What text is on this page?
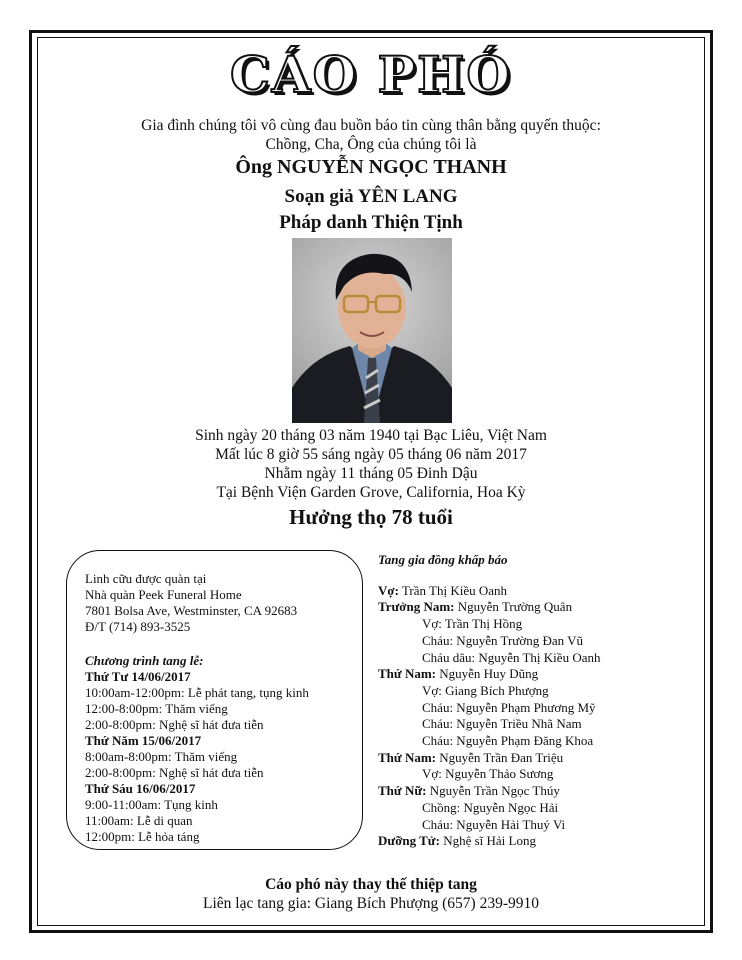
CÁO PHÓ
Gia đình chúng tôi vô cùng đau buồn báo tin cùng thân bằng quyến thuộc:
Chồng, Cha, Ông của chúng tôi là
Ông NGUYỄN NGỌC THANH
Soạn giả YÊN LANG
Pháp danh Thiện Tịnh
Sinh ngày 20 tháng 03 năm 1940 tại Bạc Liêu, Việt Nam
Mất lúc 8 giờ 55 sáng ngày 05 tháng 06 năm 2017
Nhằm ngày 11 tháng 05 Đinh Dậu
Tại Bệnh Viện Garden Grove, California, Hoa Kỳ
Hưởng thọ 78 tuổi
Linh cữu được quàn tại
Nhà quàn Peek Funeral Home
7801 Bolsa Ave, Westminster, CA 92683
Đ/T (714) 893-3525
Chương trình tang lễ:
Thứ Tư 14/06/2017
10:00am-12:00pm: Lễ phát tang, tụng kinh
12:00-8:00pm: Thăm viếng
2:00-8:00pm: Nghệ sĩ hát đưa tiễn
Thứ Năm 15/06/2017
8:00am-8:00pm: Thăm viếng
2:00-8:00pm: Nghệ sĩ hát đưa tiễn
Thứ Sáu 16/06/2017
9:00-11:00am: Tụng kinh
11:00am: Lễ di quan
12:00pm: Lễ hỏa táng
Tang gia đồng khấp báo
Vợ: Trần Thị Kiều Oanh
Trưởng Nam: Nguyễn Trường Quân
Vợ: Trần Thị Hồng
Cháu: Nguyễn Trường Đan Vũ
Cháu dâu: Nguyễn Thị Kiều Oanh
Thứ Nam: Nguyễn Huy Dũng
Vợ: Giang Bích Phượng
Cháu: Nguyễn Phạm Phương Mỹ
Cháu: Nguyễn Triều Nhã Nam
Cháu: Nguyễn Phạm Đăng Khoa
Thứ Nam: Nguyễn Trần Đan Triệu
Vợ: Nguyễn Thảo Sương
Thứ Nữ: Nguyễn Trần Ngọc Thúy
Chồng: Nguyễn Ngọc Hải
Cháu: Nguyễn Hải Thuý Vi
Dưỡng Tử: Nghệ sĩ Hải Long
Cáo phó này thay thế thiệp tang
Liên lạc tang gia: Giang Bích Phượng (657) 239-9910
